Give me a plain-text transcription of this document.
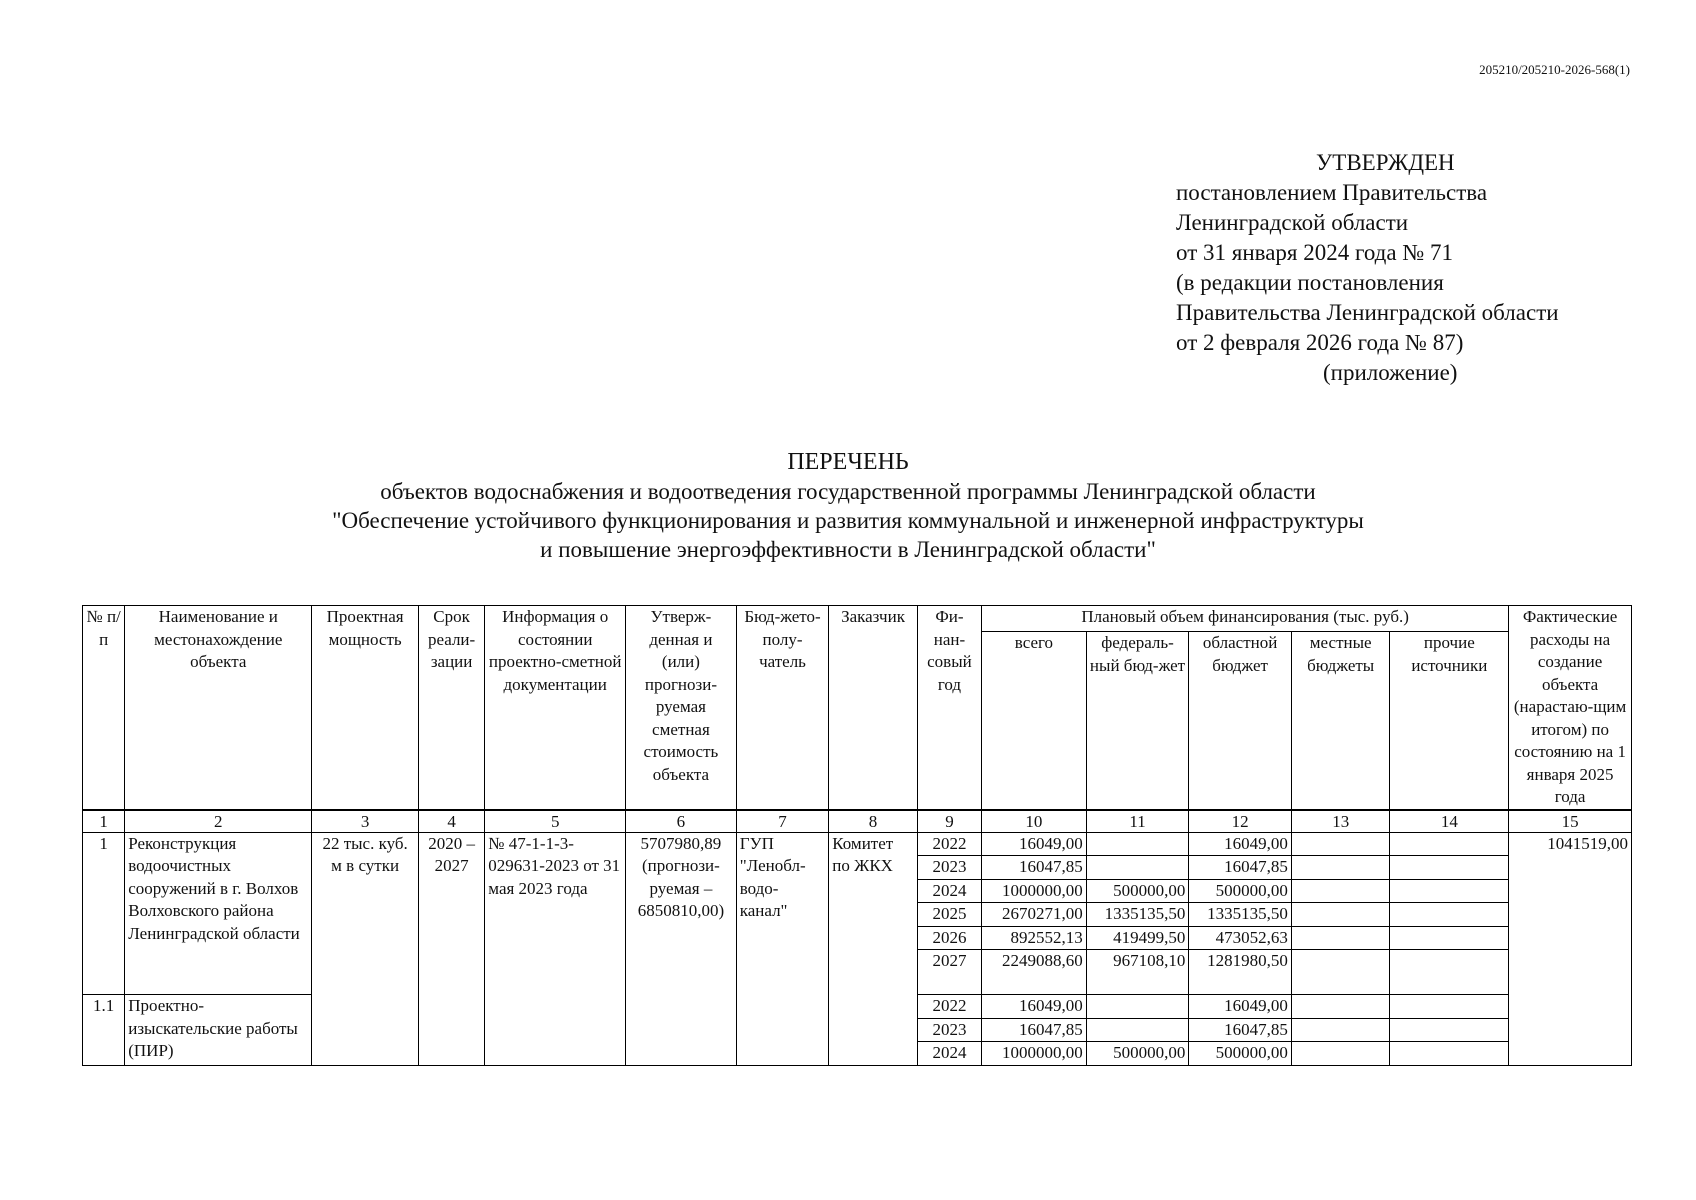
205210/205210-2026-568(1)
УТВЕРЖДЕН
постановлением Правительства
Ленинградской области
от 31 января 2024 года № 71
(в редакции постановления
Правительства Ленинградской области
от 2 февраля 2026 года № 87)
(приложение)
ПЕРЕЧЕНЬ
объектов водоснабжения и водоотведения государственной программы Ленинградской области
"Обеспечение устойчивого функционирования и развития коммунальной и инженерной инфраструктуры
и повышение энергоэффективности в Ленинградской области"
№ п/п	Наименование и местонахождение объекта	Проектная мощность	Срок реали-зации	Информация о состоянии проектно-сметной документации	Утверж-денная и (или) прогнози-руемая сметная стоимость объекта	Бюд-жето-полу-чатель	Заказчик	Фи-нан-совый год	Плановый объем финансирования (тыс. руб.)					Фактические расходы на создание объекта (нарастаю-щим итогом) по состоянию на 1 января 2025 года
									всего	федераль-ный бюд-жет	областной бюджет	местные бюджеты	прочие источники	
1	2	3	4	5	6	7	8	9	10	11	12	13	14	15
1	Реконструкция водоочистных сооружений в г. Волхов Волховского района Ленинградской области	22 тыс. куб. м в сутки	2020 – 2027	№ 47-1-1-3-029631-2023 от 31 мая 2023 года	5707980,89 (прогнози-руемая – 6850810,00)	ГУП "Ленобл-водо-канал"	Комитет по ЖКХ	2022	16049,00		16049,00			1041519,00
								2023	16047,85		16047,85			
								2024	1000000,00	500000,00	500000,00			
								2025	2670271,00	1335135,50	1335135,50			
								2026	892552,13	419499,50	473052,63			
								2027	2249088,60	967108,10	1281980,50			
1.1	Проектно-изыскательские работы (ПИР)							2022	16049,00		16049,00			
								2023	16047,85		16047,85			
								2024	1000000,00	500000,00	500000,00			
